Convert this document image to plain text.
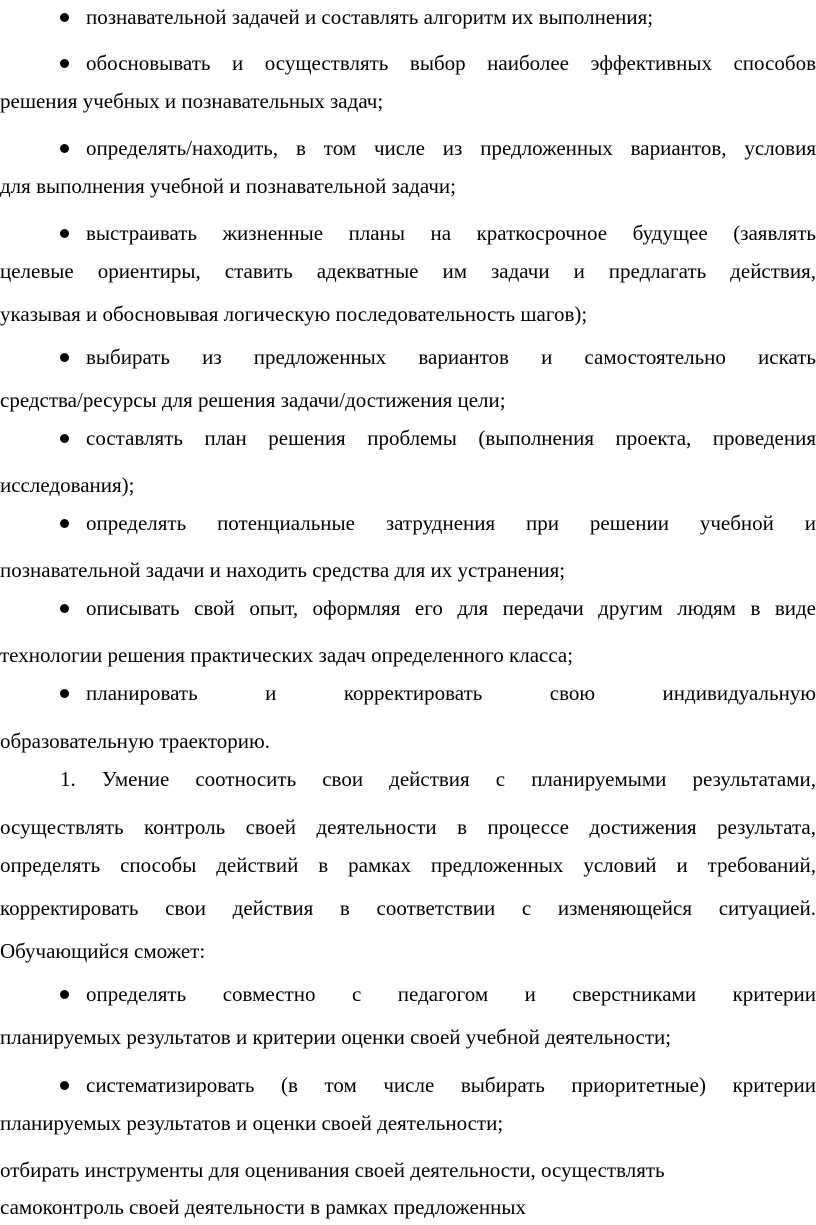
познавательной задачей и составлять алгоритм их выполнения;
обосновывать и осуществлять выбор наиболее эффективных способов
решения учебных и познавательных задач;
определять/находить, в том числе из предложенных вариантов, условия
для выполнения учебной и познавательной задачи;
выстраивать жизненные планы на краткосрочное будущее (заявлять
целевые ориентиры, ставить адекватные им задачи и предлагать действия,
указывая и обосновывая логическую последовательность шагов);
выбирать из предложенных вариантов и самостоятельно искать
средства/ресурсы для решения задачи/достижения цели;
составлять план решения проблемы (выполнения проекта, проведения
исследования);
определять потенциальные затруднения при решении учебной и
познавательной задачи и находить средства для их устранения;
описывать свой опыт, оформляя его для передачи другим людям в виде
технологии решения практических задач определенного класса;
планировать и корректировать свою индивидуальную
образовательную траекторию.
1. Умение соотносить свои действия с планируемыми результатами,
осуществлять контроль своей деятельности в процессе достижения результата,
определять способы действий в рамках предложенных условий и требований,
корректировать свои действия в соответствии с изменяющейся ситуацией.
Обучающийся сможет:
определять совместно с педагогом и сверстниками критерии
планируемых результатов и критерии оценки своей учебной деятельности;
систематизировать (в том числе выбирать приоритетные) критерии
планируемых результатов и оценки своей деятельности;
отбирать инструменты для оценивания своей деятельности, осуществлять
самоконтроль своей деятельности в рамках предложенных
